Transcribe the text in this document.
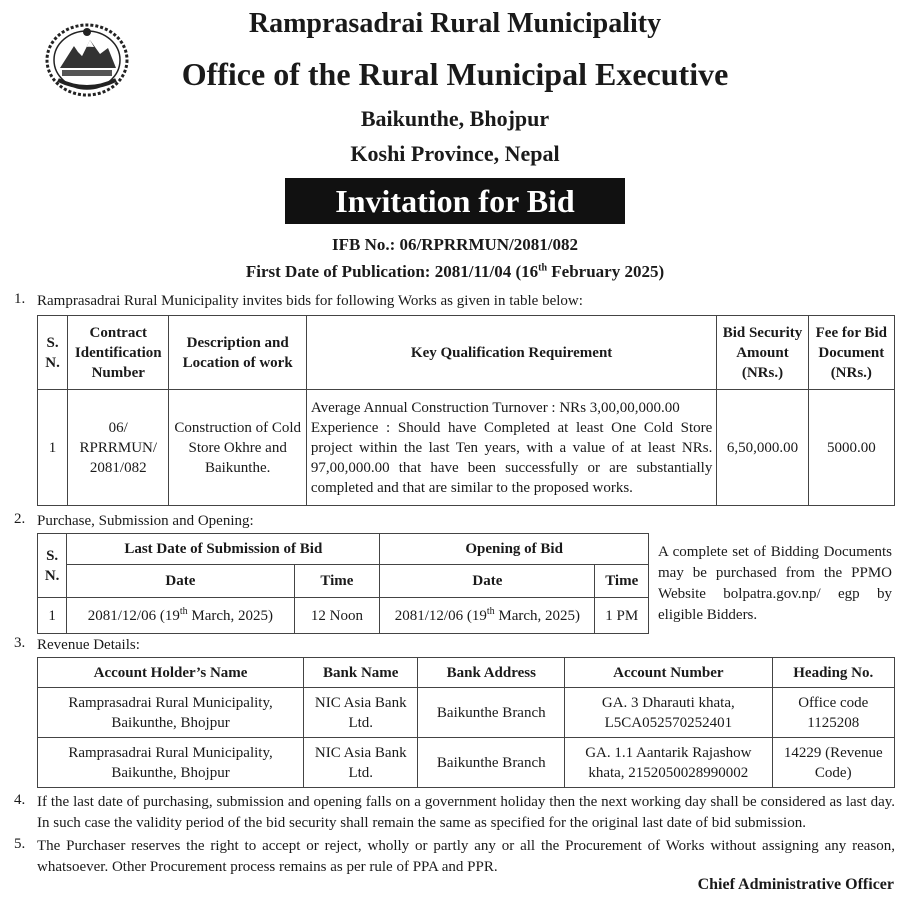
Ramprasadrai Rural Municipality
Office of the Rural Municipal Executive
Baikunthe, Bhojpur
Koshi Province, Nepal
Invitation for Bid
IFB No.: 06/RPRRMUN/2081/082
First Date of Publication: 2081/11/04 (16th February 2025)
1. Ramprasadrai Rural Municipality invites bids for following Works as given in table below:
S. N.	Contract Identification Number	Description and Location of work	Key Qualification Requirement	Bid Security Amount (NRs.)	Fee for Bid Document (NRs.)
1	06/ RPRRMUN/ 2081/082	Construction of Cold Store Okhre and Baikunthe.	Average Annual Construction Turnover : NRs 3,00,00,000.00
Experience : Should have Completed at least One Cold Store project within the last Ten years, with a value of at least NRs. 97,00,000.00 that have been successfully or are substantially completed and that are similar to the proposed works.	6,50,000.00	5000.00
2. Purchase, Submission and Opening:
S. N.	Last Date of Submission of Bid		Opening of Bid	
	Date	Time	Date	Time
1	2081/12/06 (19th March, 2025)	12 Noon	2081/12/06 (19th March, 2025)	1 PM
A complete set of Bidding Documents may be purchased from the PPMO Website bolpatra.gov.np/ egp by eligible Bidders.
3. Revenue Details:
Account Holder’s Name	Bank Name	Bank Address	Account Number	Heading No.
Ramprasadrai Rural Municipality, Baikunthe, Bhojpur	NIC Asia Bank Ltd.	Baikunthe Branch	GA. 3 Dharauti khata, L5CA052570252401	Office code 1125208
Ramprasadrai Rural Municipality, Baikunthe, Bhojpur	NIC Asia Bank Ltd.	Baikunthe Branch	GA. 1.1 Aantarik Rajashow khata, 2152050028990002	14229 (Revenue Code)
4. If the last date of purchasing, submission and opening falls on a government holiday then the next working day shall be considered as last day. In such case the validity period of the bid security shall remain the same as specified for the original last date of bid submission.
5. The Purchaser reserves the right to accept or reject, wholly or partly any or all the Procurement of Works without assigning any reason, whatsoever. Other Procurement process remains as per rule of PPA and PPR.
Chief Administrative Officer
